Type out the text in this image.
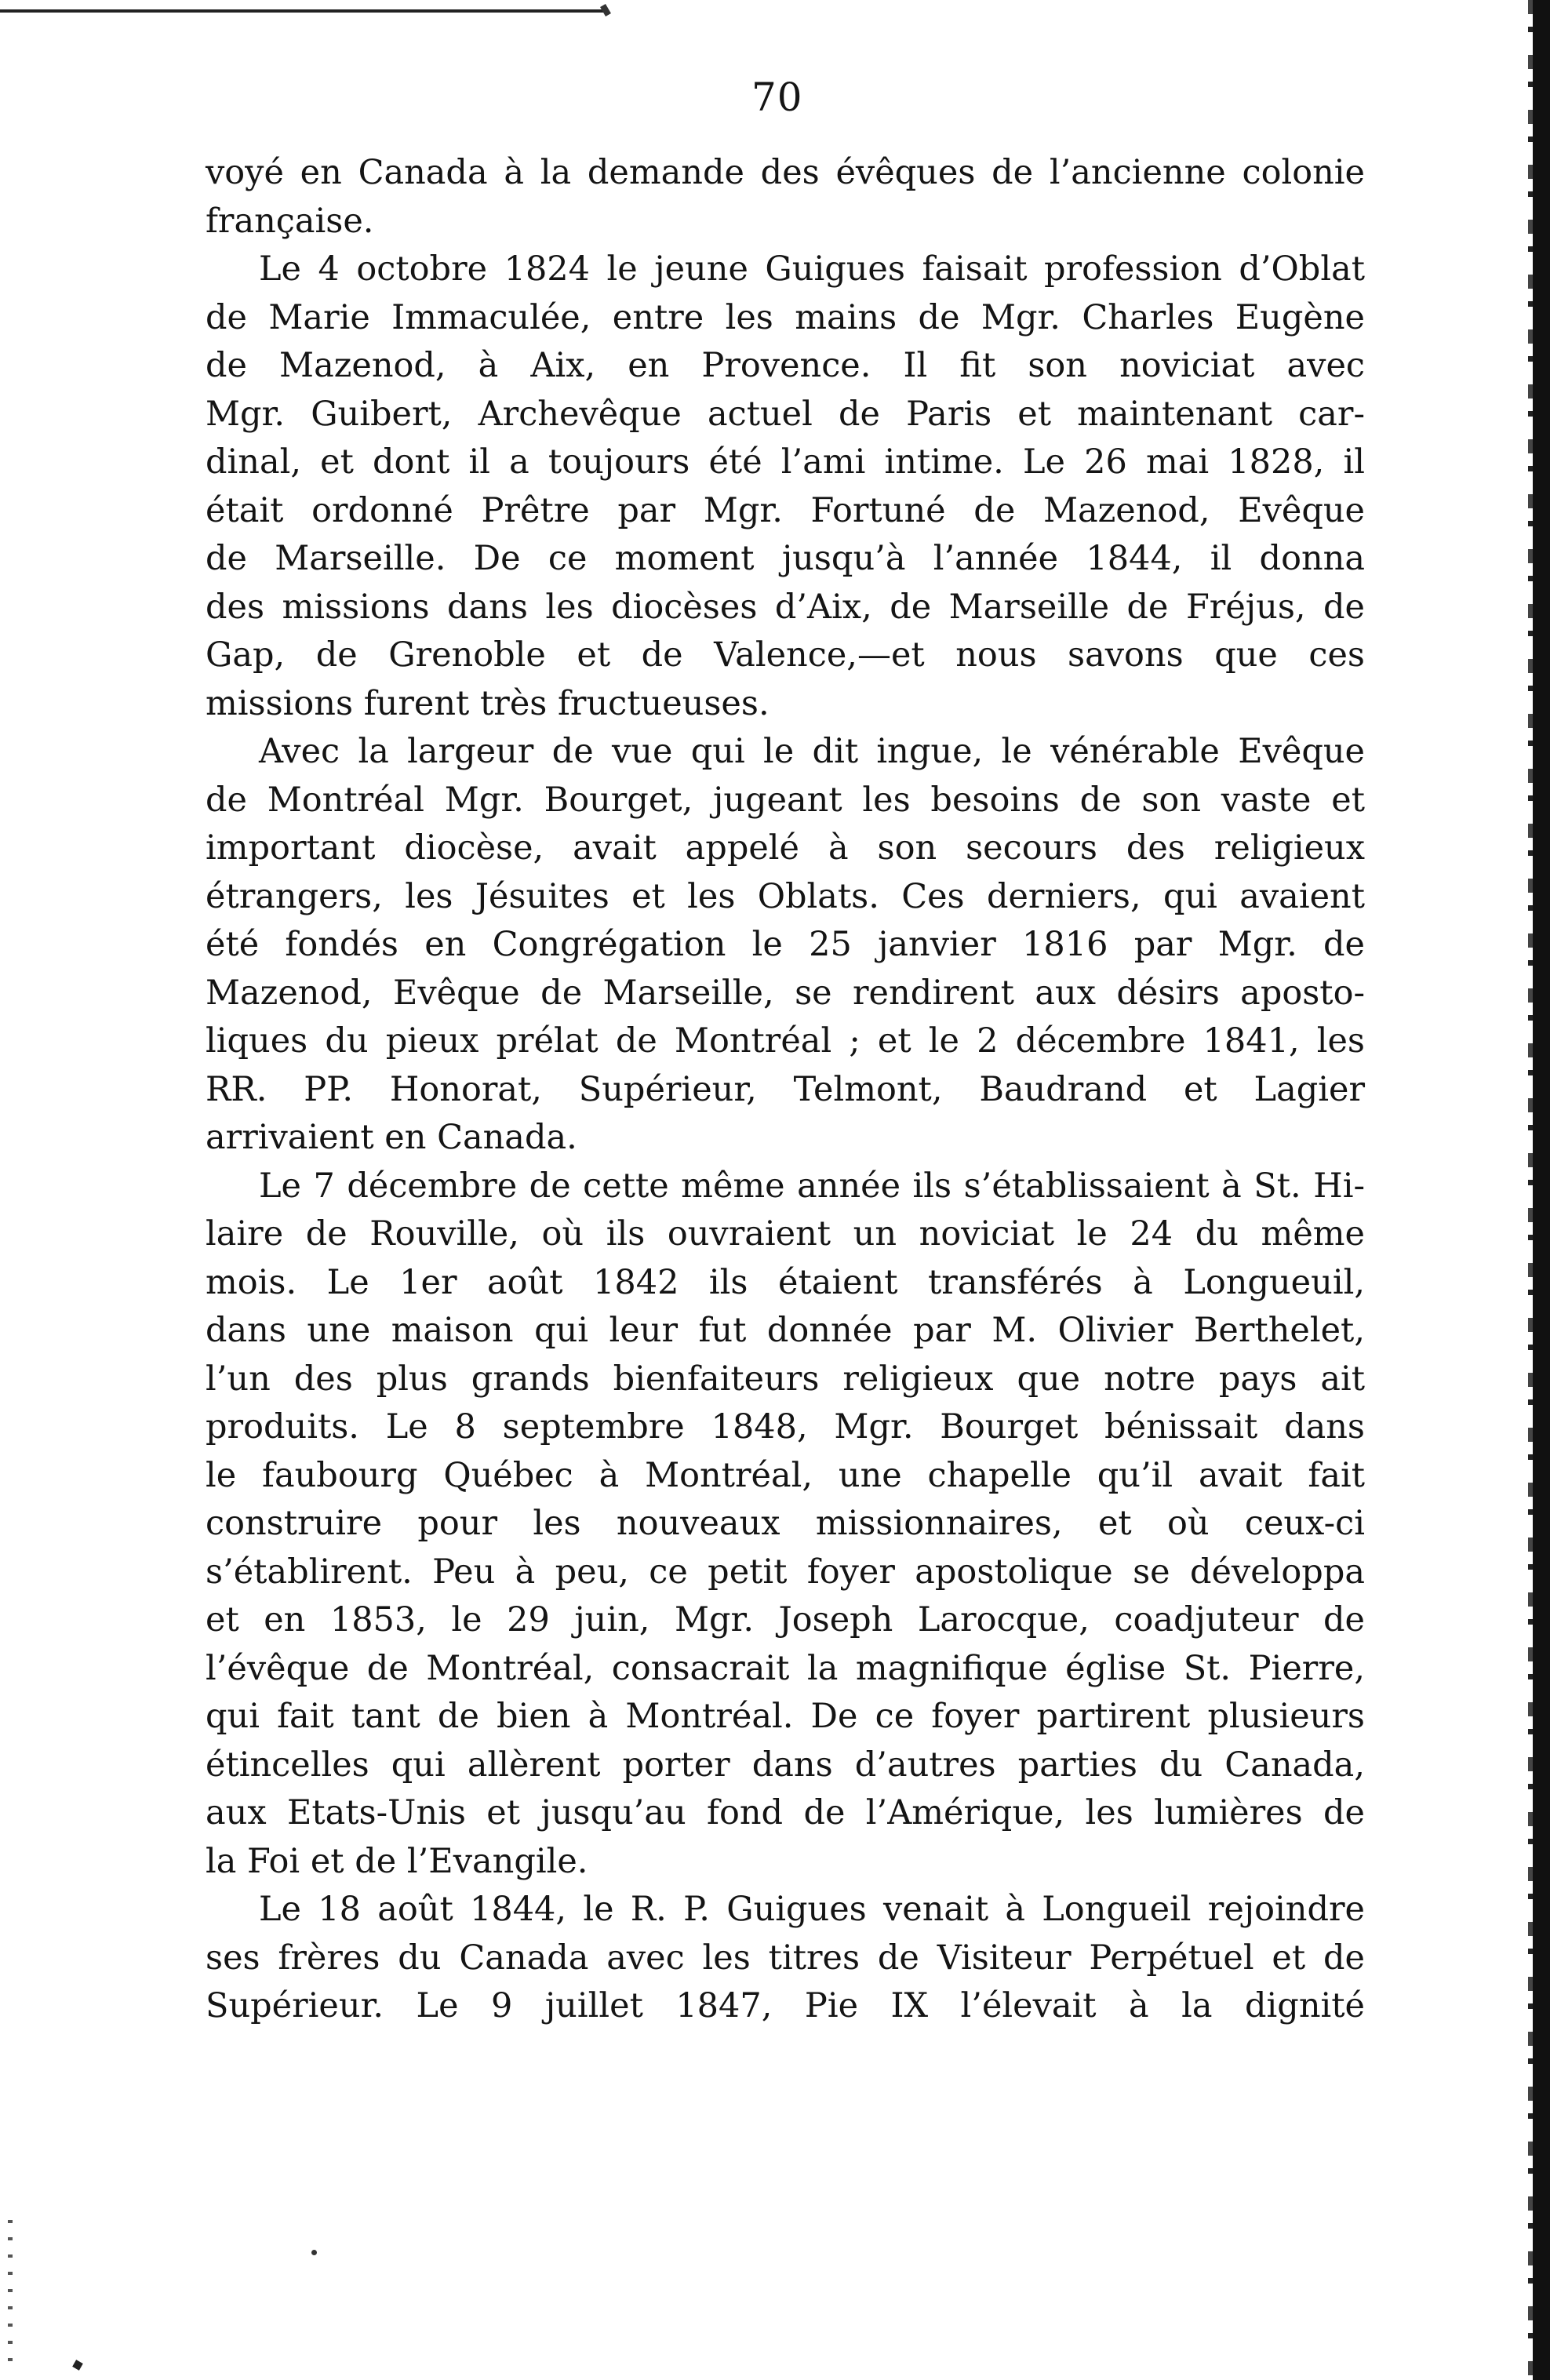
70
voyé en Canada à la demande des évêques de l’ancienne colonie
française.
Le 4 octobre 1824 le jeune Guigues faisait profession d’Oblat
de Marie Immaculée, entre les mains de Mgr. Charles Eugène
de Mazenod, à Aix, en Provence. Il fit son noviciat avec
Mgr. Guibert, Archevêque actuel de Paris et maintenant car-
dinal, et dont il a toujours été l’ami intime. Le 26 mai 1828, il
était ordonné Prêtre par Mgr. Fortuné de Mazenod, Evêque
de Marseille. De ce moment jusqu’à l’année 1844, il donna
des missions dans les diocèses d’Aix, de Marseille de Fréjus, de
Gap, de Grenoble et de Valence,—et nous savons que ces
missions furent très fructueuses.
Avec la largeur de vue qui le dit ingue, le vénérable Evêque
de Montréal Mgr. Bourget, jugeant les besoins de son vaste et
important diocèse, avait appelé à son secours des religieux
étrangers, les Jésuites et les Oblats. Ces derniers, qui avaient
été fondés en Congrégation le 25 janvier 1816 par Mgr. de
Mazenod, Evêque de Marseille, se rendirent aux désirs aposto-
liques du pieux prélat de Montréal ; et le 2 décembre 1841, les
RR. PP. Honorat, Supérieur, Telmont, Baudrand et Lagier
arrivaient en Canada.
Le 7 décembre de cette même année ils s’établissaient à St. Hi-
laire de Rouville, où ils ouvraient un noviciat le 24 du même
mois. Le 1er août 1842 ils étaient transférés à Longueuil,
dans une maison qui leur fut donnée par M. Olivier Berthelet,
l’un des plus grands bienfaiteurs religieux que notre pays ait
produits. Le 8 septembre 1848, Mgr. Bourget bénissait dans
le faubourg Québec à Montréal, une chapelle qu’il avait fait
construire pour les nouveaux missionnaires, et où ceux-ci
s’établirent. Peu à peu, ce petit foyer apostolique se développa
et en 1853, le 29 juin, Mgr. Joseph Larocque, coadjuteur de
l’évêque de Montréal, consacrait la magnifique église St. Pierre,
qui fait tant de bien à Montréal. De ce foyer partirent plusieurs
étincelles qui allèrent porter dans d’autres parties du Canada,
aux Etats-Unis et jusqu’au fond de l’Amérique, les lumières de
la Foi et de l’Evangile.
Le 18 août 1844, le R. P. Guigues venait à Longueil rejoindre
ses frères du Canada avec les titres de Visiteur Perpétuel et de
Supérieur. Le 9 juillet 1847, Pie IX l’élevait à la dignité
